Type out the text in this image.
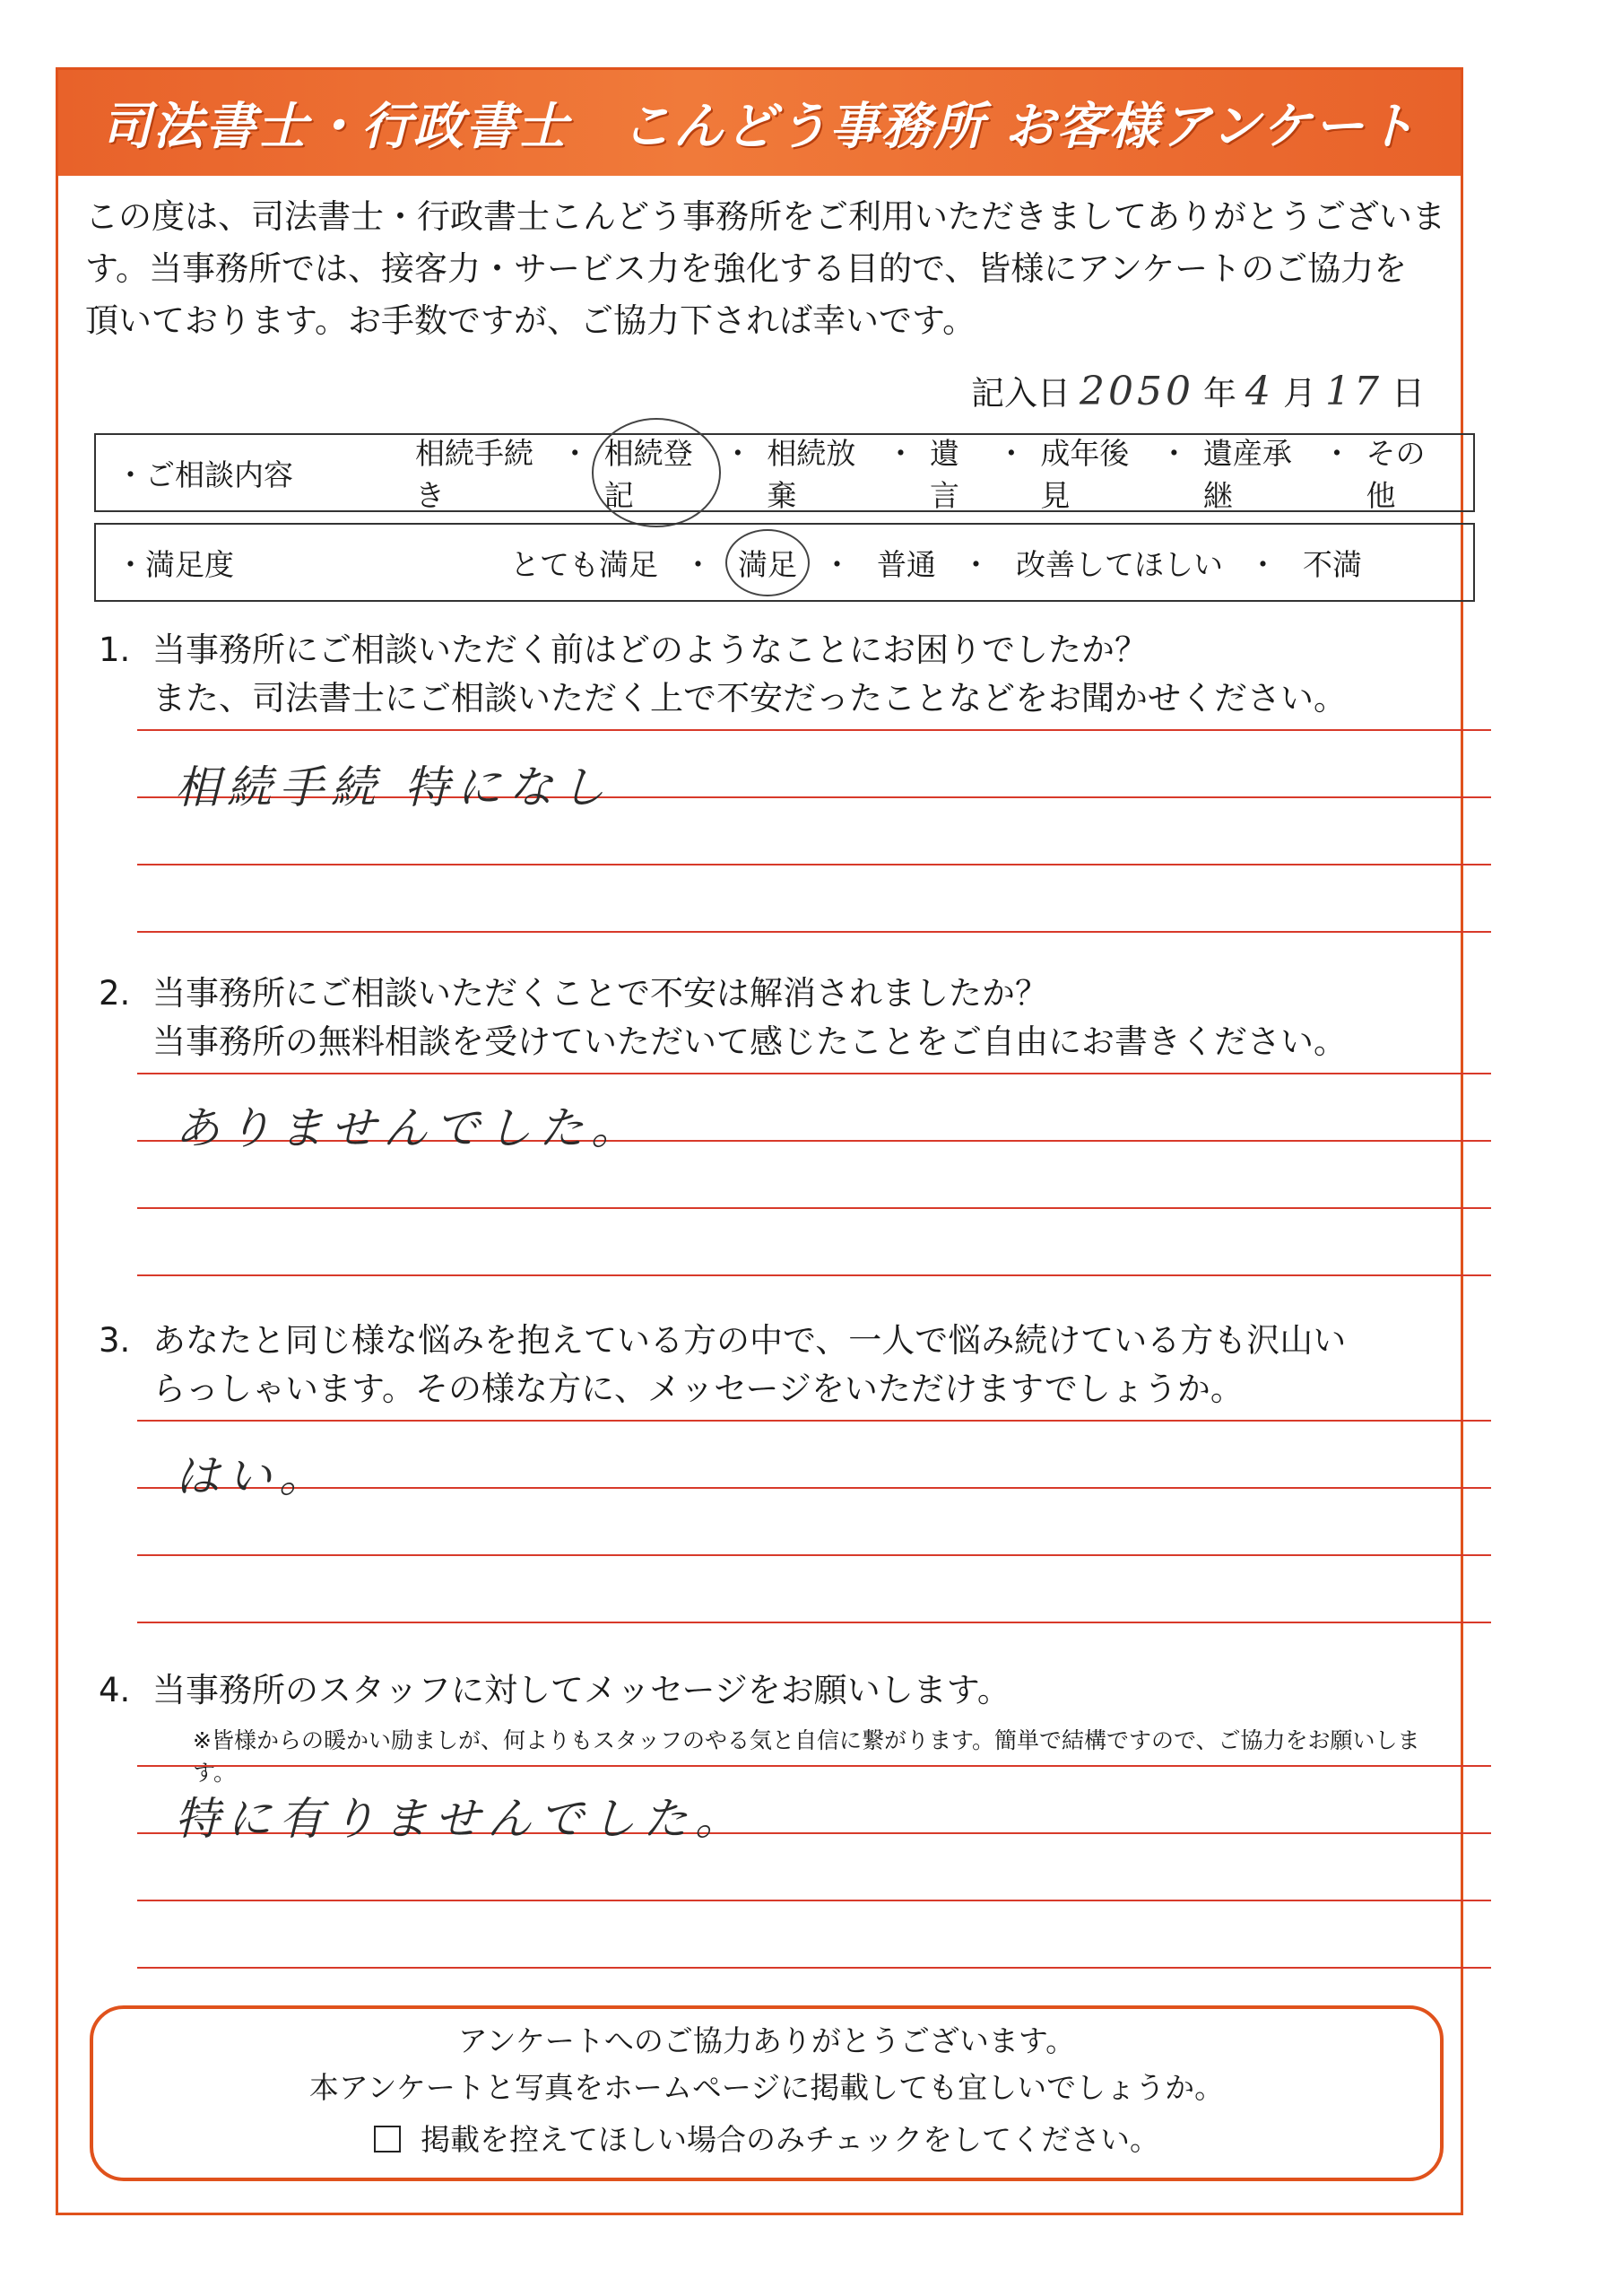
司法書士・行政書士　こんどう事務所 お客様アンケート
この度は、司法書士・行政書士こんどう事務所をご利用いただきましてありがとうございま
す。当事務所では、接客力・サービス力を強化する目的で、皆様にアンケートのご協力を
頂いております。お手数ですが、ご協力下されば幸いです。
記入日 2050 年 4 月 17 日
・ご相談内容
相続手続き
・ 相続登記
・ 相続放棄
・ 遺言
・ 成年後見
・ 遺産承継
・ その他
・満足度	とても満足 ・ 満足 ・ 普通 ・ 改善してほしい ・ 不満
1. 当事務所にご相談いただく前はどのようなことにお困りでしたか？
また、司法書士にご相談いただく上で不安だったことなどをお聞かせください。
相続手続 特になし
2. 当事務所にご相談いただくことで不安は解消されましたか？
当事務所の無料相談を受けていただいて感じたことをご自由にお書きください。
ありませんでした。
3. あなたと同じ様な悩みを抱えている方の中で、一人で悩み続けている方も沢山い
らっしゃいます。その様な方に、メッセージをいただけますでしょうか。
はい。
4. 当事務所のスタッフに対してメッセージをお願いします。
※皆様からの暖かい励ましが、何よりもスタッフのやる気と自信に繋がります。簡単で結構ですので、ご協力をお願いします。
特に有りませんでした。
アンケートへのご協力ありがとうございます。
本アンケートと写真をホームページに掲載しても宜しいでしょうか。
掲載を控えてほしい場合のみチェックをしてください。
